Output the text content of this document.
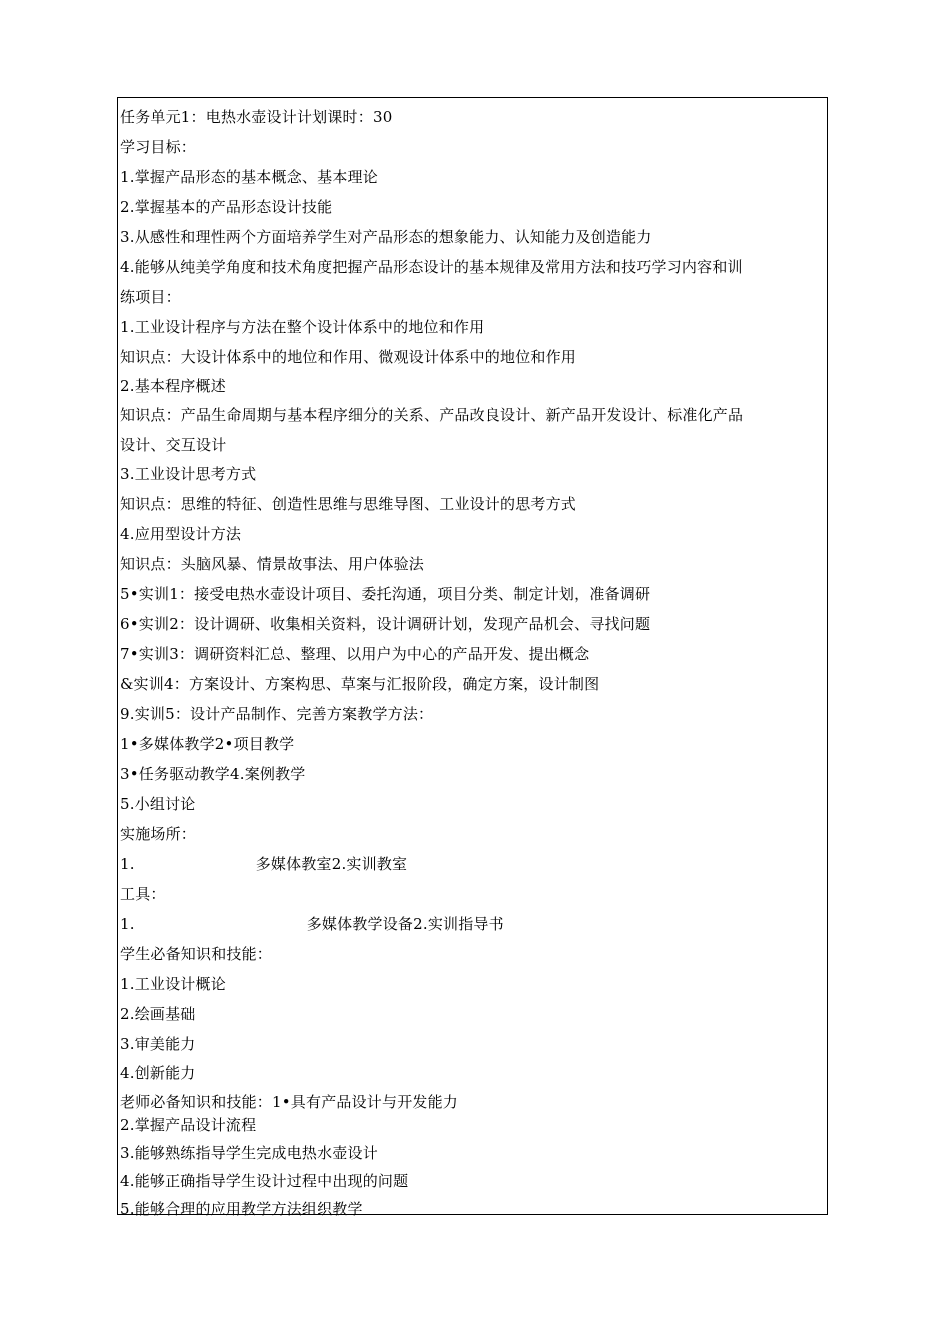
任务单元1：电热水壶设计计划课时：30
学习目标：
1.掌握产品形态的基本概念、基本理论
2.掌握基本的产品形态设计技能
3.从感性和理性两个方面培养学生对产品形态的想象能力、认知能力及创造能力
4.能够从纯美学角度和技术角度把握产品形态设计的基本规律及常用方法和技巧学习内容和训
练项目：
1.工业设计程序与方法在整个设计体系中的地位和作用
知识点：大设计体系中的地位和作用、微观设计体系中的地位和作用
2.基本程序概述
知识点：产品生命周期与基本程序细分的关系、产品改良设计、新产品开发设计、标准化产品
设计、交互设计
3.工业设计思考方式
知识点：思维的特征、创造性思维与思维导图、工业设计的思考方式
4.应用型设计方法
知识点：头脑风暴、情景故事法、用户体验法
5•实训1：接受电热水壶设计项目、委托沟通，项目分类、制定计划，准备调研
6•实训2：设计调研、收集相关资料，设计调研计划，发现产品机会、寻找问题
7•实训3：调研资料汇总、整理、以用户为中心的产品开发、提出概念
&实训4：方案设计、方案构思、草案与汇报阶段，确定方案，设计制图
9.实训5：设计产品制作、完善方案教学方法：
1•多媒体教学2•项目教学
3•任务驱动教学4.案例教学
5.小组讨论
实施场所：
1.	多媒体教室2.实训教室
工具：
1.	多媒体教学设备2.实训指导书
学生必备知识和技能：
1.工业设计概论
2.绘画基础
3.审美能力
4.创新能力
老师必备知识和技能：1•具有产品设计与开发能力
2.掌握产品设计流程
3.能够熟练指导学生完成电热水壶设计
4.能够正确指导学生设计过程中出现的问题
5.能够合理的应用教学方法组织教学
